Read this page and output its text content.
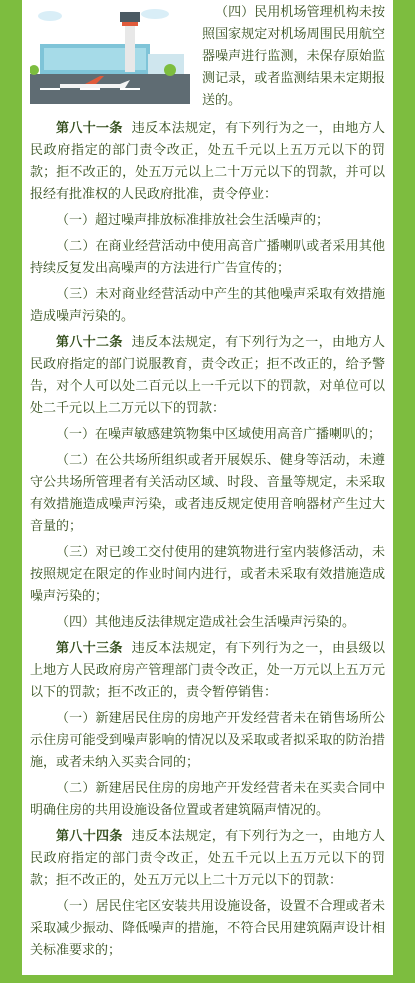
（四）民用机场管理机构未按照国家规定对机场周围民用航空器噪声进行监测，未保存原始监测记录，或者监测结果未定期报送的。

第八十一条 违反本法规定，有下列行为之一，由地方人民政府指定的部门责令改正，处五千元以上五万元以下的罚款；拒不改正的，处五万元以上二十万元以下的罚款，并可以报经有批准权的人民政府批准，责令停业：

（一）超过噪声排放标准排放社会生活噪声的；

（二）在商业经营活动中使用高音广播喇叭或者采用其他持续反复发出高噪声的方法进行广告宣传的；

（三）未对商业经营活动中产生的其他噪声采取有效措施造成噪声污染的。

第八十二条 违反本法规定，有下列行为之一，由地方人民政府指定的部门说服教育，责令改正；拒不改正的，给予警告，对个人可以处二百元以上一千元以下的罚款，对单位可以处二千元以上二万元以下的罚款：

（一）在噪声敏感建筑物集中区域使用高音广播喇叭的；

（二）在公共场所组织或者开展娱乐、健身等活动，未遵守公共场所管理者有关活动区域、时段、音量等规定，未采取有效措施造成噪声污染，或者违反规定使用音响器材产生过大音量的；

（三）对已竣工交付使用的建筑物进行室内装修活动，未按照规定在限定的作业时间内进行，或者未采取有效措施造成噪声污染的；

（四）其他违反法律规定造成社会生活噪声污染的。

第八十三条 违反本法规定，有下列行为之一，由县级以上地方人民政府房产管理部门责令改正，处一万元以上五万元以下的罚款；拒不改正的，责令暂停销售：

（一）新建居民住房的房地产开发经营者未在销售场所公示住房可能受到噪声影响的情况以及采取或者拟采取的防治措施，或者未纳入买卖合同的；

（二）新建居民住房的房地产开发经营者未在买卖合同中明确住房的共用设施设备位置或者建筑隔声情况的。

第八十四条 违反本法规定，有下列行为之一，由地方人民政府指定的部门责令改正，处五千元以上五万元以下的罚款；拒不改正的，处五万元以上二十万元以下的罚款：

（一）居民住宅区安装共用设施设备，设置不合理或者未采取减少振动、降低噪声的措施，不符合民用建筑隔声设计相关标准要求的；
